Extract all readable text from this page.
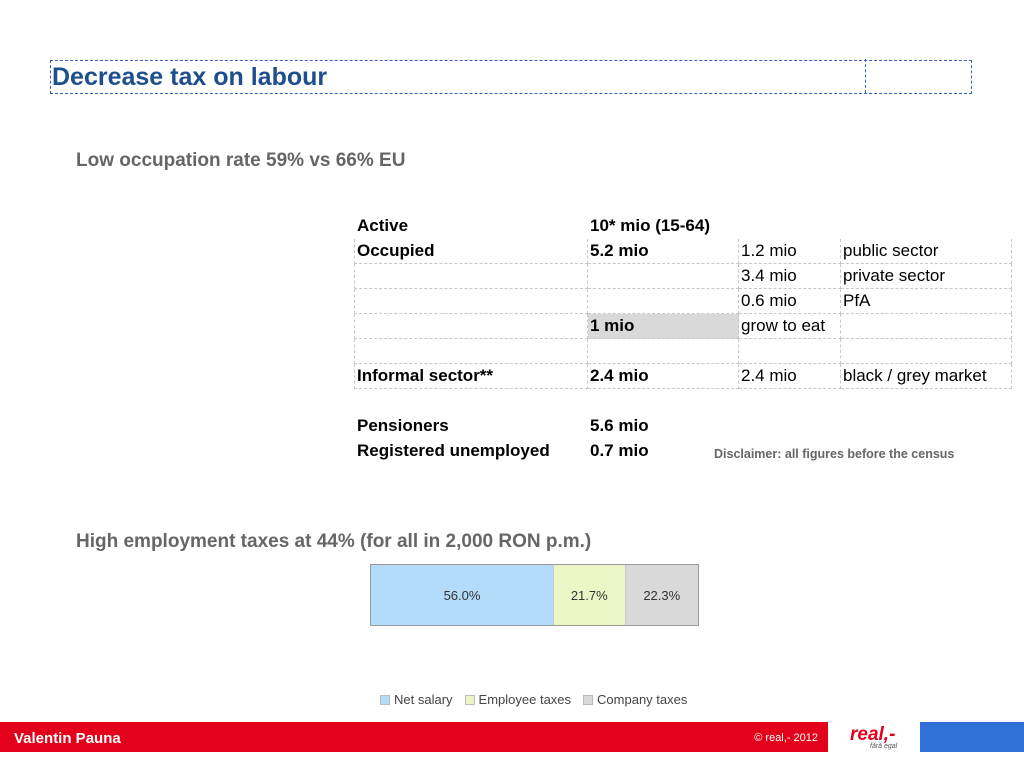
Decrease tax on labour
Low occupation rate 59% vs 66% EU
Active	10* mio (15-64)		
Occupied	5.2 mio	1.2 mio	public sector
		3.4 mio	private sector
		0.6 mio	PfA
	1 mio	grow to eat	

Informal sector**	2.4 mio	2.4 mio	black / grey market

Pensioners	5.6 mio		
Registered unemployed	0.7 mio			Disclaimer: all figures before the census
High employment taxes at 44% (for all in 2,000 RON p.m.)
56.0%	21.7%	22.3%
Net salary Employee taxes Company taxes
Valentin Pauna	© real,- 2012 real,-
fără egal
